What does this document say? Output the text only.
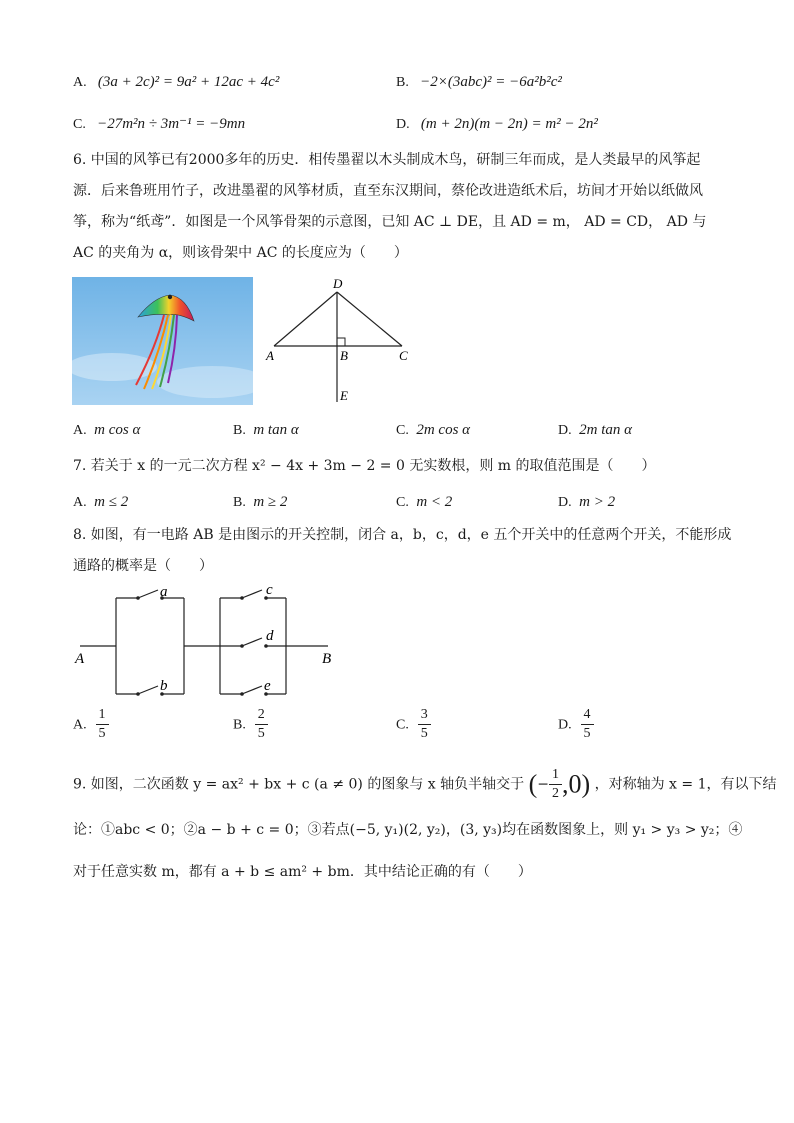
A. (3a + 2c)² = 9a² + 12ac + 4c²	B. −2×(3abc)² = −6a²b²c²
C. −27m²n ÷ 3m⁻¹ = −9mn	D. (m + 2n)(m − 2n) = m² − 2n²
6. 中国的风筝已有2000多年的历史．相传墨翟以木头制成木鸟，研制三年而成，是人类最早的风筝起
源．后来鲁班用竹子，改进墨翟的风筝材质，直至东汉期间，蔡伦改进造纸术后，坊间才开始以纸做风
筝，称为“纸鸢”．如图是一个风筝骨架的示意图，已知 AC ⊥ DE，且 AD = m， AD = CD， AD 与
AC 的夹角为 α，则该骨架中 AC 的长度应为（　　）
D
A	B	C
E
A. m cos α	B. m tan α	C. 2m cos α	D. 2m tan α
7. 若关于 x 的一元二次方程 x² − 4x + 3m − 2 = 0 无实数根，则 m 的取值范围是（　　）
A. m ≤ 2	B. m ≥ 2	C. m < 2	D. m > 2
8. 如图，有一电路 AB 是由图示的开关控制，闭合 a，b，c，d，e 五个开关中的任意两个开关，不能形成
通路的概率是（　　）
A	B
a
b
c
d
e
A. $\frac{1}{5}$	B. $\frac{2}{5}$	C. $\frac{3}{5}$	D. $\frac{4}{5}$
9. 如图，二次函数 y = ax² + bx + c (a ≠ 0) 的图象与 x 轴负半轴交于 (− $\frac{1}{2} ,0$) ，对称轴为 x = 1，有以下结
论：①abc < 0；②a − b + c = 0；③若点(−5, y₁)(2, y₂)，(3, y₃)均在函数图象上，则 y₁ > y₃ > y₂；④
对于任意实数 m，都有 a + b ≤ am² + bm．其中结论正确的有（　　）
